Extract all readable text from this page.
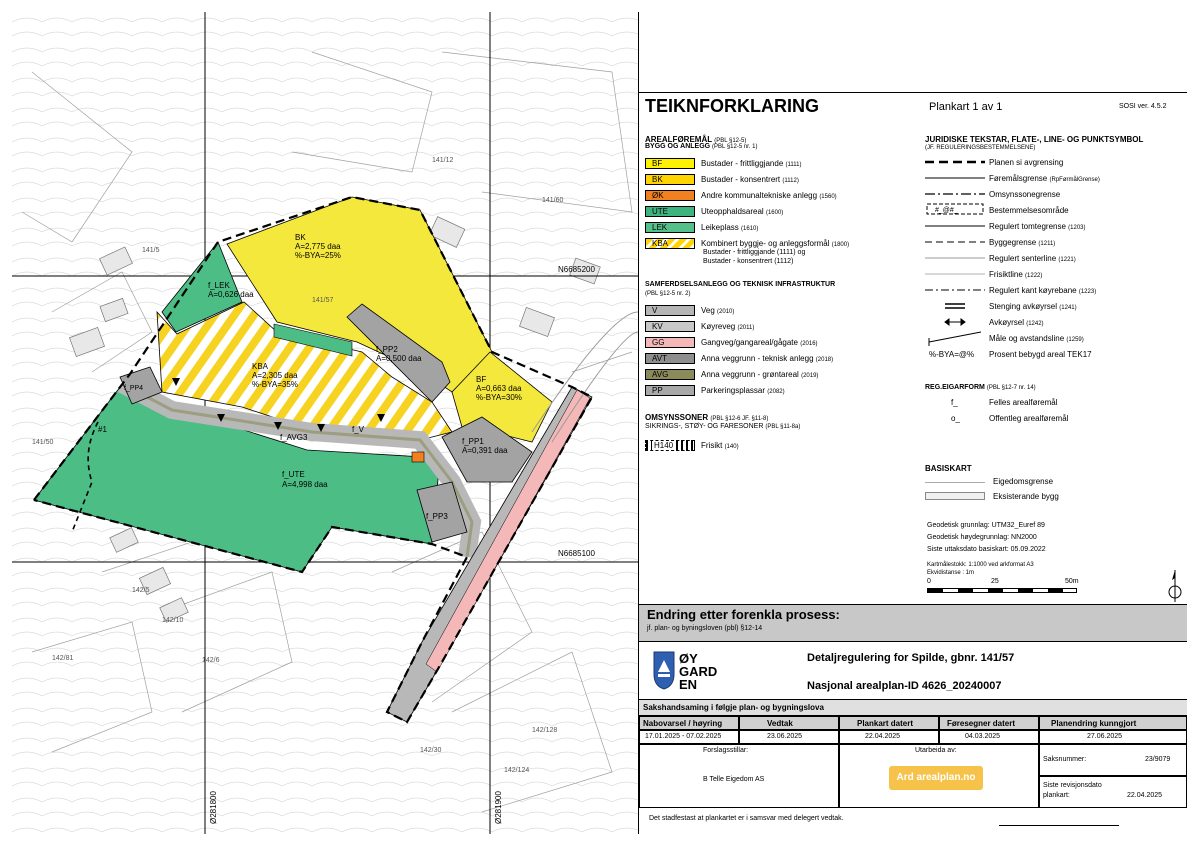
BK
A=2,775 daa
%-BYA=25%
f_LEK
A=0,626 daa
f_PP2
A=0,500 daa
KBA
A=2,305 daa
%-BYA=35%
BF
A=0,663 daa
%-BYA=30%
f_PP1
A=0,391 daa
f_UTE
A=4,998 daa
#1
f_PP4
f_AVG3
f_V
f_PP3
141/5
141/57
141/60
141/12
142/5
142/6
142/81
142/10
142/30
142/124
142/128
141/50
N6685200
N6685100
Ø281800	Ø281900
TEIKNFORKLARING	Plankart 1 av 1	SOSI ver. 4.5.2
AREALFØREMÅL (PBL §12-5)
BYGG OG ANLEGG (PBL §12-5 nr. 1)
BF	Bustader - frittliggjande (1111)
BK	Bustader - konsentrert (1112)
ØK	Andre kommunaltekniske anlegg (1560)
UTE	Uteopphaldsareal (1600)
LEK	Leikeplass (1610)
KBA	Kombinert byggje- og anleggsformål (1800)
Bustader - frittliggjande (1111) og
Bustader - konsentrert (1112)
SAMFERDSELSANLEGG OG TEKNISK INFRASTRUKTUR
(PBL §12-5 nr. 2)
V	Veg (2010)
KV	Køyreveg (2011)
GG	Gangveg/gangareal/gågate (2016)
AVT	Anna veggrunn - teknisk anlegg (2018)
AVG	Anna veggrunn - grøntareal (2019)
PP	Parkeringsplassar (2082)
OMSYNSSONER (PBL §12-6 JF. §11-8)
SIKRINGS-, STØY- OG FARESONER (PBL §11-8a)
H140	Frisikt (140)
JURIDISKE TEKSTAR, FLATE-, LINE- OG PUNKTSYMBOL
(JF. REGULERINGSBESTEMMELSENE)
#_@#_
Planen si avgrensing
Føremålsgrense (RpFørmålGrense)
Omsynssonegrense
Bestemmelsesområde
Regulert tomtegrense (1203)
Byggegrense (1211)
Regulert senterline (1221)
Frisiktline (1222)
Regulert kant køyrebane (1223)
Stenging avkøyrsel (1241)
Avkøyrsel (1242)
Måle og avstandsline (1259)
%-BYA=@% Prosent bebygd areal TEK17
REG.EIGARFORM (PBL §12-7 nr. 14)
f_	Felles arealføremål
o_	Offentleg arealføremål
BASISKART
Eigedomsgrense
Eksisterande bygg
Geodetisk grunnlag: UTM32_Euref 89
Geodetisk høydegrunnlag: NN2000
Siste uttaksdato basiskart: 05.09.2022
Kartmålestokk: 1:1000 ved arkformat A3
Ekvidistanse : 1m
0	25	50m
Endring etter forenkla prosess:
jf. plan- og byningsloven (pbl) §12-14
ØY
GARD
EN
Detaljregulering for Spilde, gbnr. 141/57
Nasjonal arealplan-ID 4626_20240007
Sakshandsaming i følgje plan- og bygningslova
Nabovarsel / høyring	Vedtak	Plankart datert	Føresegner datert	Planendring kunngjort
17.01.2025 - 07.02.2025	23.06.2025	22.04.2025	04.03.2025	27.06.2025
Forslagsstillar:
B Telle Eigedom AS
Utarbeida av:
Ard arealplan.no
Saksnummer:	23/9079
Siste revisjonsdato
plankart:	22.04.2025
Det stadfestast at plankartet er i samsvar med delegert vedtak.
